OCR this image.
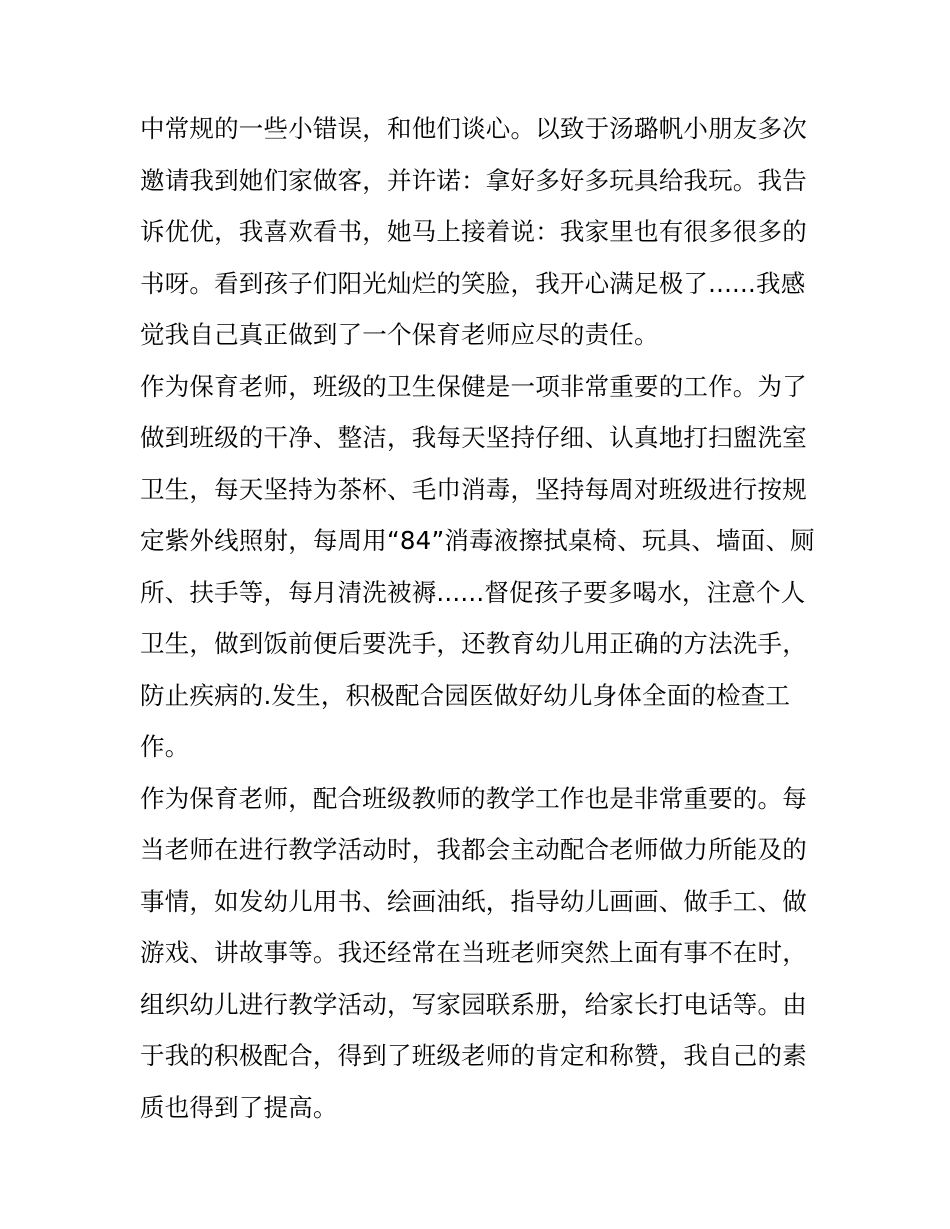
中常规的一些小错误，和他们谈心。以致于汤璐帆小朋友多次
邀请我到她们家做客，并许诺：拿好多好多玩具给我玩。我告
诉优优，我喜欢看书，她马上接着说：我家里也有很多很多的
书呀。看到孩子们阳光灿烂的笑脸，我开心满足极了......我感
觉我自己真正做到了一个保育老师应尽的责任。
作为保育老师，班级的卫生保健是一项非常重要的工作。为了
做到班级的干净、整洁，我每天坚持仔细、认真地打扫盥洗室
卫生，每天坚持为茶杯、毛巾消毒，坚持每周对班级进行按规
定紫外线照射，每周用“84”消毒液擦拭桌椅、玩具、墙面、厕
所、扶手等，每月清洗被褥......督促孩子要多喝水，注意个人
卫生，做到饭前便后要洗手，还教育幼儿用正确的方法洗手，
防止疾病的.发生，积极配合园医做好幼儿身体全面的检查工
作。
作为保育老师，配合班级教师的教学工作也是非常重要的。每
当老师在进行教学活动时，我都会主动配合老师做力所能及的
事情，如发幼儿用书、绘画油纸，指导幼儿画画、做手工、做
游戏、讲故事等。我还经常在当班老师突然上面有事不在时，
组织幼儿进行教学活动，写家园联系册，给家长打电话等。由
于我的积极配合，得到了班级老师的肯定和称赞，我自己的素
质也得到了提高。
